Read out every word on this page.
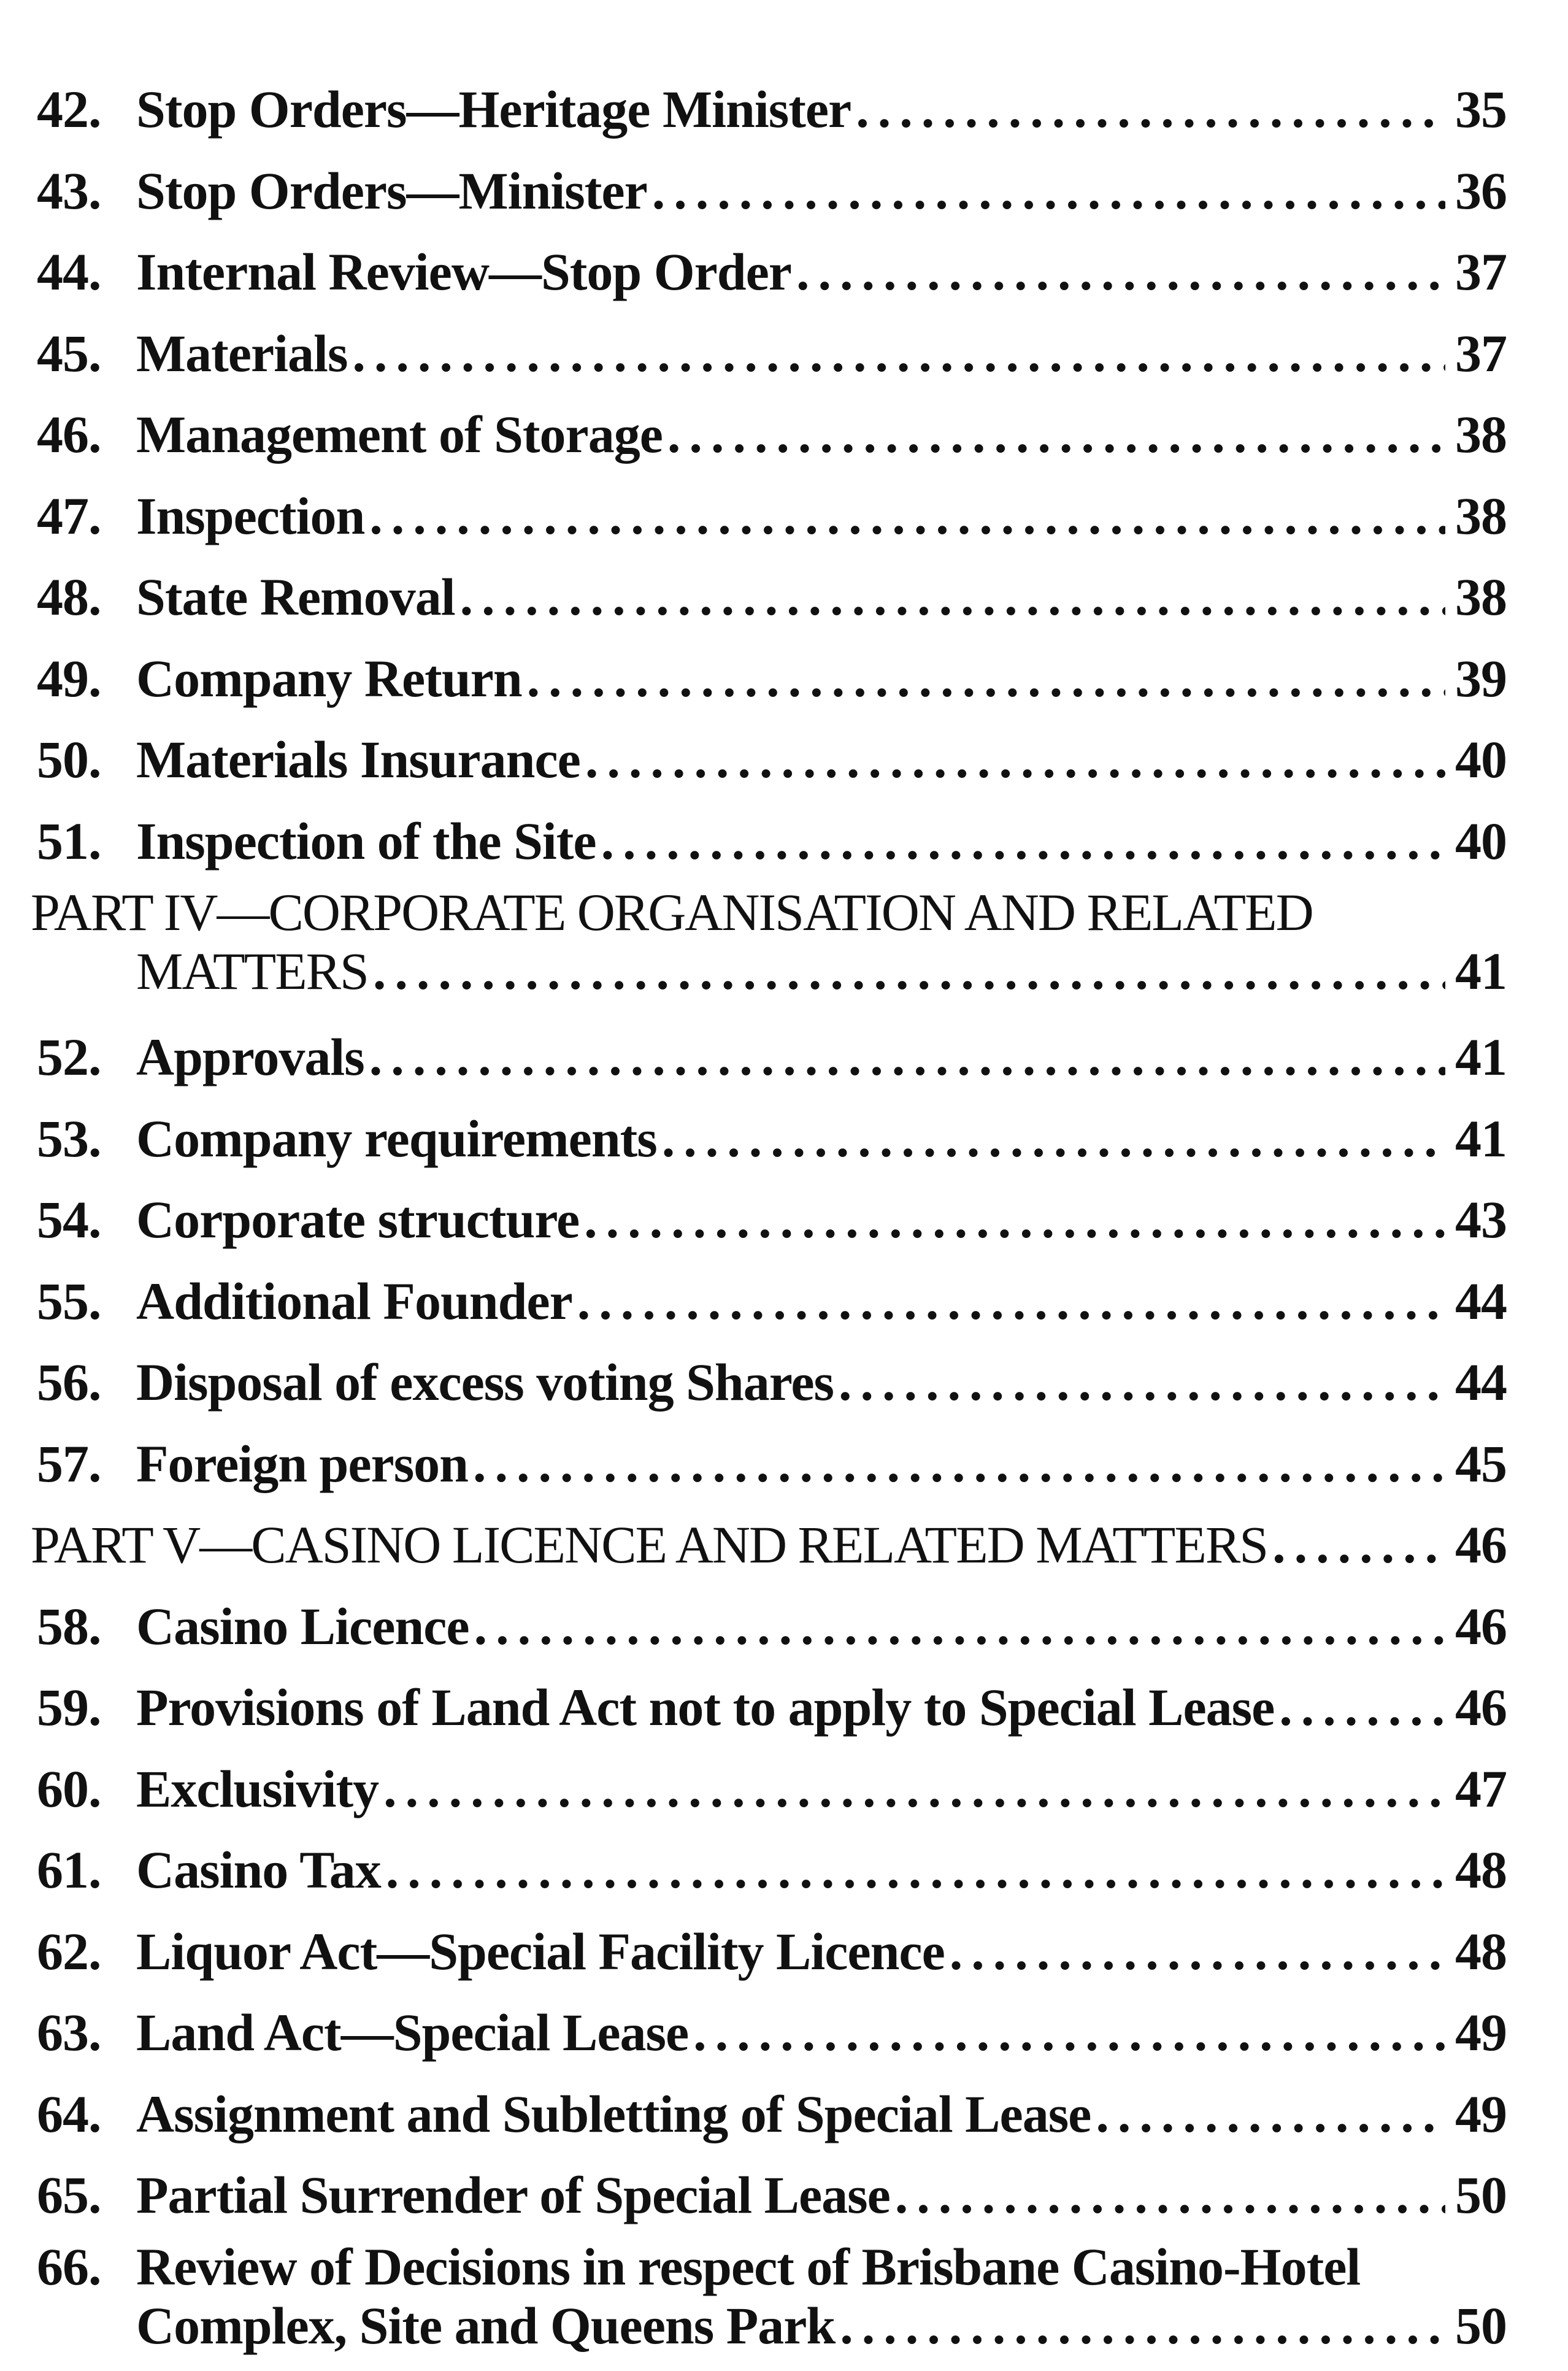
42. Stop Orders—Heritage Minister .....	35
43. Stop Orders—Minister .....	36
44. Internal Review—Stop Order .....	37
45. Materials .....	37
46. Management of Storage .....	38
47. Inspection .....	38
48. State Removal .....	38
49. Company Return .....	39
50. Materials Insurance .....	40
51. Inspection of the Site .....	40
PART IV—CORPORATE ORGANISATION AND RELATED
MATTERS .....	41
52. Approvals .....	41
53. Company requirements .....	41
54. Corporate structure .....	43
55. Additional Founder .....	44
56. Disposal of excess voting Shares .....	44
57. Foreign person .....	45
PART V—CASINO LICENCE AND RELATED MATTERS .....	46
58. Casino Licence .....	46
59. Provisions of Land Act not to apply to Special Lease .....	46
60. Exclusivity .....	47
61. Casino Tax .....	48
62. Liquor Act—Special Facility Licence .....	48
63. Land Act—Special Lease .....	49
64. Assignment and Subletting of Special Lease .....	49
65. Partial Surrender of Special Lease .....	50
66. Review of Decisions in respect of Brisbane Casino-Hotel
Complex, Site and Queens Park .....	50
